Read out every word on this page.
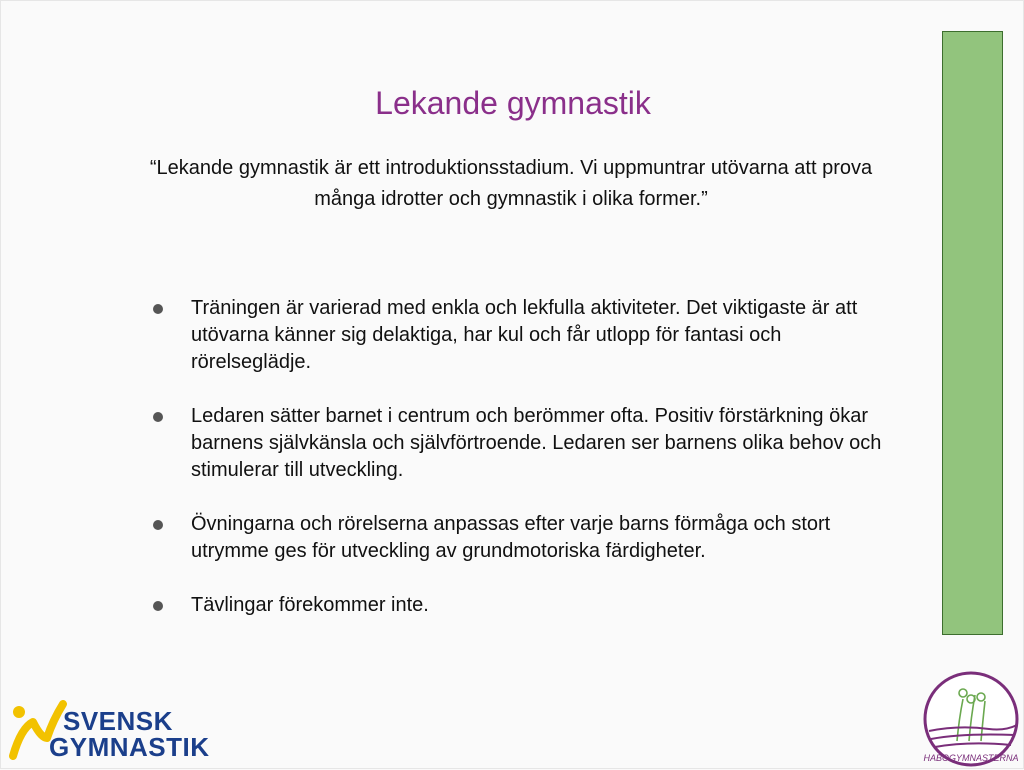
Lekande gymnastik
“Lekande gymnastik är ett introduktionsstadium. Vi uppmuntrar utövarna att prova många idrotter och gymnastik i olika former.”
Träningen är varierad med enkla och lekfulla aktiviteter. Det viktigaste är att utövarna känner sig delaktiga, har kul och får utlopp för fantasi och rörelseglädje.
Ledaren sätter barnet i centrum och berömmer ofta. Positiv förstärkning ökar barnens självkänsla och självförtroende. Ledaren ser barnens olika behov och stimulerar till utveckling.
Övningarna och rörelserna anpassas efter varje barns förmåga och stort utrymme ges för utveckling av grundmotoriska färdigheter.
Tävlingar förekommer inte.
SVENSK
GYMNASTIK	HABOGYMNASTERNA
